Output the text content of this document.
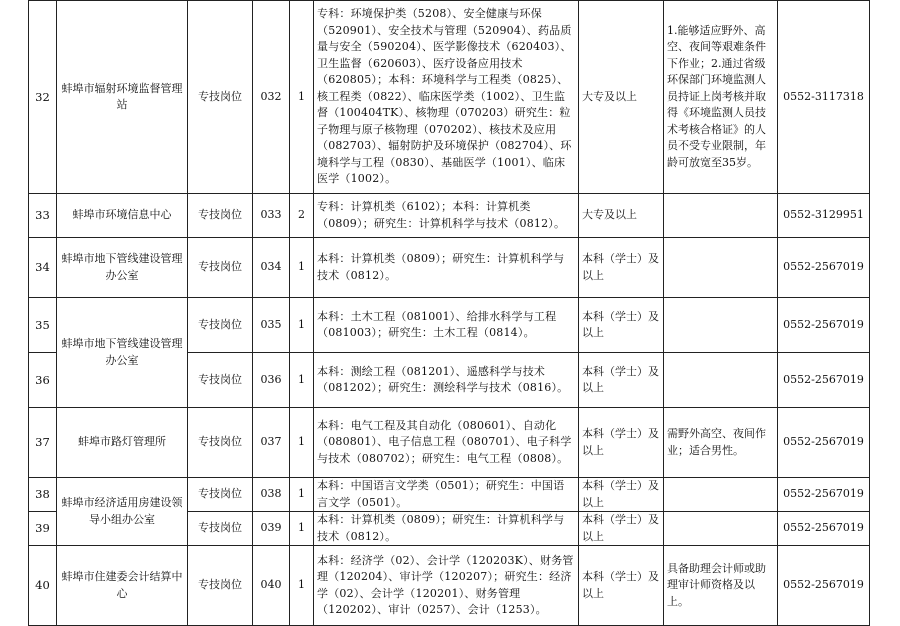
32	蚌埠市辐射环境监督管理站	专技岗位	032	1	专科：环境保护类（5208）、安全健康与环保（520901）、安全技术与管理（520904）、药品质量与安全（590204）、医学影像技术（620403）、卫生监督（620603）、医疗设备应用技术（620805）；本科：环境科学与工程类（0825）、核工程类（0822）、临床医学类（1002）、卫生监督（100404TK）、核物理（070203）研究生：粒子物理与原子核物理（070202）、核技术及应用（082703）、辐射防护及环境保护（082704）、环境科学与工程（0830）、基础医学（1001）、临床医学（1002）。	大专及以上	1.能够适应野外、高空、夜间等艰难条件下作业；2.通过省级环保部门环境监测人员持证上岗考核并取得《环境监测人员技术考核合格证》的人员不受专业限制，年龄可放宽至35岁。	0552-3117318
33	蚌埠市环境信息中心	专技岗位	033	2	专科：计算机类（6102）；本科：计算机类（0809）；研究生：计算机科学与技术（0812）。	大专及以上		0552-3129951
34	蚌埠市地下管线建设管理办公室	专技岗位	034	1	本科：计算机类（0809）；研究生：计算机科学与技术（0812）。	本科（学士）及以上		0552-2567019
35	蚌埠市地下管线建设管理办公室	专技岗位	035	1	本科：土木工程（081001）、给排水科学与工程（081003）；研究生：土木工程（0814）。	本科（学士）及以上		0552-2567019
36		专技岗位	036	1	本科：测绘工程（081201）、遥感科学与技术（081202）；研究生：测绘科学与技术（0816）。	本科（学士）及以上		0552-2567019
37	蚌埠市路灯管理所	专技岗位	037	1	本科：电气工程及其自动化（080601）、自动化（080801）、电子信息工程（080701）、电子科学与技术（080702）；研究生：电气工程（0808）。	本科（学士）及以上	需野外高空、夜间作业；适合男性。	0552-2567019
38	蚌埠市经济适用房建设领导小组办公室	专技岗位	038	1	本科：中国语言文学类（0501）；研究生：中国语言文学（0501）。	本科（学士）及以上		0552-2567019
39		专技岗位	039	1	本科：计算机类（0809）；研究生：计算机科学与技术（0812）。	本科（学士）及以上		0552-2567019
40	蚌埠市住建委会计结算中心	专技岗位	040	1	本科：经济学（02）、会计学（120203K）、财务管理（120204）、审计学（120207）；研究生：经济学（02）、会计学（120201）、财务管理（120202）、审计（0257）、会计（1253）。	本科（学士）及以上	具备助理会计师或助理审计师资格及以上。	0552-2567019
